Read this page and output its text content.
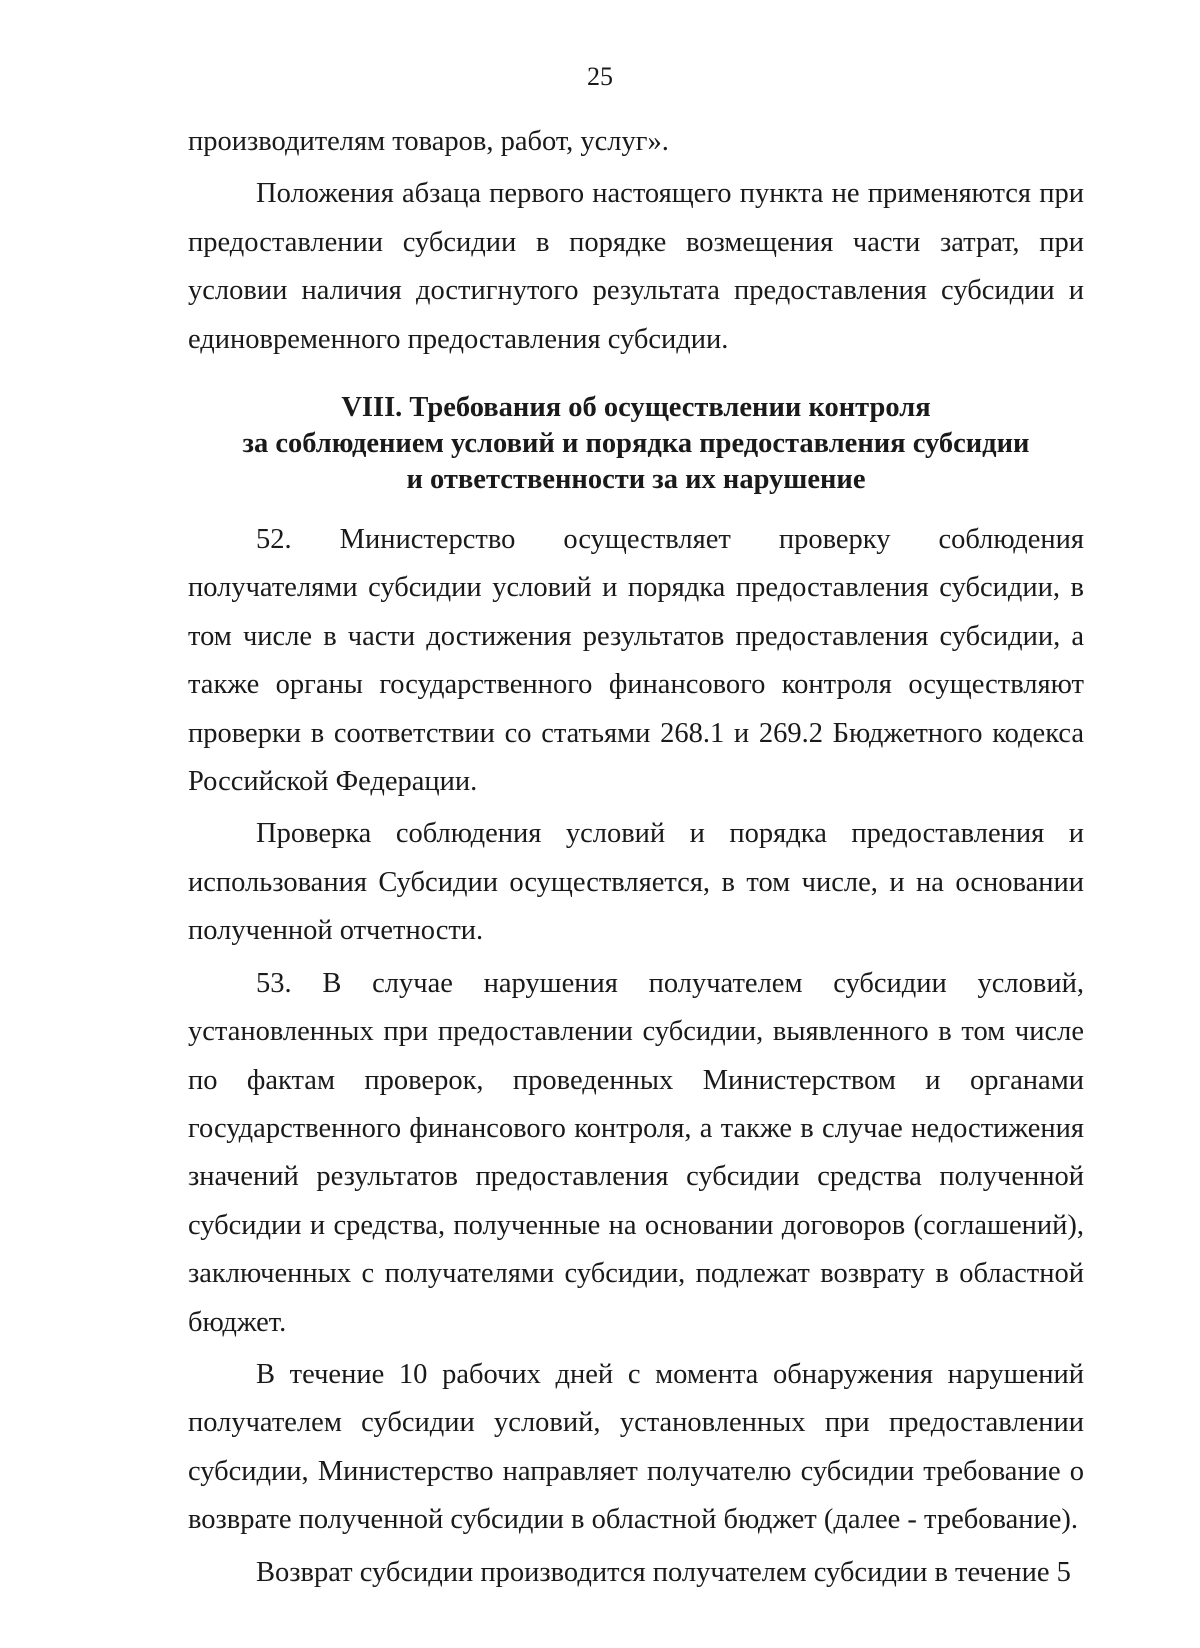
25

производителям товаров, работ, услуг».

Положения абзаца первого настоящего пункта не применяются при предоставлении субсидии в порядке возмещения части затрат, при условии наличия достигнутого результата предоставления субсидии и единовременного предоставления субсидии.

VIII. Требования об осуществлении контроля
за соблюдением условий и порядка предоставления субсидии
и ответственности за их нарушение

52. Министерство осуществляет проверку соблюдения получателями субсидии условий и порядка предоставления субсидии, в том числе в части достижения результатов предоставления субсидии, а также органы государственного финансового контроля осуществляют проверки в соответствии со статьями 268.1 и 269.2 Бюджетного кодекса Российской Федерации.

Проверка соблюдения условий и порядка предоставления и использования Субсидии осуществляется, в том числе, и на основании полученной отчетности.

53. В случае нарушения получателем субсидии условий, установленных при предоставлении субсидии, выявленного в том числе по фактам проверок, проведенных Министерством и органами государственного финансового контроля, а также в случае недостижения значений результатов предоставления субсидии средства полученной субсидии и средства, полученные на основании договоров (соглашений), заключенных с получателями субсидии, подлежат возврату в областной бюджет.

В течение 10 рабочих дней с момента обнаружения нарушений получателем субсидии условий, установленных при предоставлении субсидии, Министерство направляет получателю субсидии требование о возврате полученной субсидии в областной бюджет (далее - требование).

Возврат субсидии производится получателем субсидии в течение 5
